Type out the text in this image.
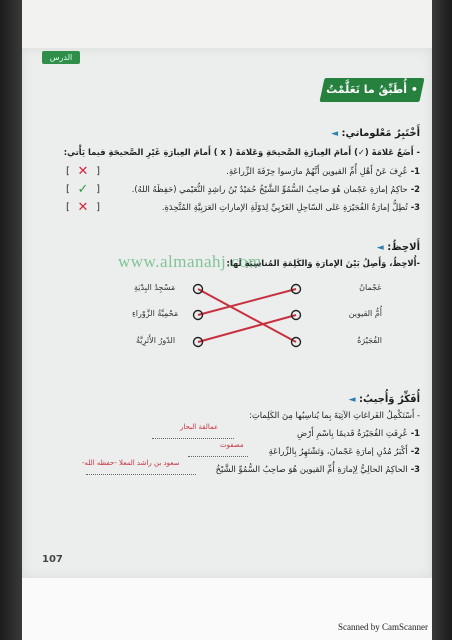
الدرس
• أُطَبِّقُ ما تَعَلَّمْتُ
أَخْتَبِرُ مَعْلوماتي: ◄
- أَضَعُ عَلامَةَ (✓) أَمامَ العِبارَةِ الصَّحيحَةِ وَعَلامَةَ ( x ) أَمامَ العِبارَةِ غَيْرِ الصَّحيحَةِ فيما يَأْتي:
1-عُرِفَ عَنْ أَهْلِ أُمِّ القيوين أَنَّهُمْ مارَسوا حِرْفَةَ الزِّراعَةِ.
[ ✕ ]
2-حاكِمُ إمارَةِ عَجْمان هُوَ صاحِبُ السُّمُوِّ الشَّيْخُ حُمَيْدُ بْنُ راشِدٍ النُّعَيْمي (حَفِظَهُ اللهُ).
[ ✓ ]
3-تُطِلُّ إمارَةُ الفُجَيْرَةِ عَلى السّاحِلِ الغَرْبِيِّ لِدَوْلَةِ الإماراتِ العَرَبِيَّةِ المُتَّحِدَةِ.
[ ✕ ]
أَلاحِظُ: ◄
-أُلاحِظُ، وَأَصِلُ بَيْنَ الإمارَةِ وَالكَلِمَةِ المُناسِبَةِ لَها:
عَجْمانُ
أُمُّ القيوين
الفُجَيْرَةُ
مَسْجِدُ البِدْيَةِ
مَحْمِيَّةُ الزَّوْراءِ
الدّورُ الأَثَرِيَّةُ
أُفَكِّرُ وَأُجيبُ: ◄
- أَسْتَكْمِلُ الفَراغاتِ الآتِيَةَ بِما يُناسِبُها مِنَ الكَلِماتِ:
1-عُرِفَتِ الفُجَيْرَةُ قَديمًا بِاسْمِ أَرْضِ
عمالقة البحار
2-أَكْبَرُ مُدُنِ إمارَةِ عَجْمانَ، وَتَشْتَهِرُ بِالزِّراعَةِ
مصفوت
3-الحاكِمُ الحالِيُّ لِإمارَةِ أُمِّ القيوين هُوَ صاحِبُ السُّمُوِّ الشَّيْخُ
سعود بن راشد المعلا -حفظه الله-
107
www.almanahj.com
Scanned by CamScanner
